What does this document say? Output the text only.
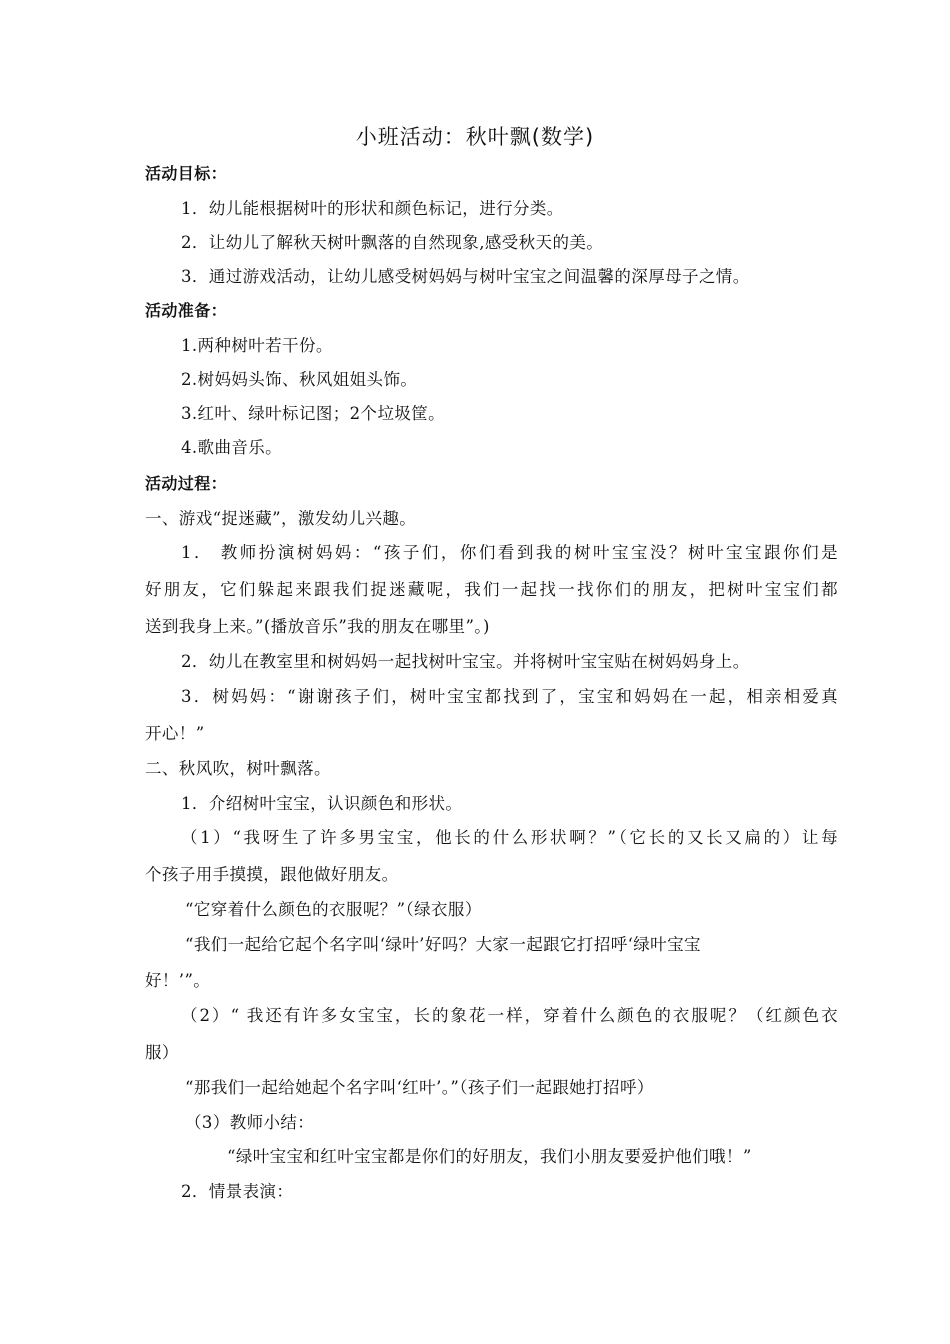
小班活动：秋叶飘(数学)
活动目标：
1．幼儿能根据树叶的形状和颜色标记，进行分类。
2．让幼儿了解秋天树叶飘落的自然现象,感受秋天的美。
3．通过游戏活动，让幼儿感受树妈妈与树叶宝宝之间温馨的深厚母子之情。
活动准备：
1.两种树叶若干份。
2.树妈妈头饰、秋风姐姐头饰。
3.红叶、绿叶标记图；2个垃圾筐。
4.歌曲音乐。
活动过程：
一、游戏“捉迷藏”，激发幼儿兴趣。
1． 教师扮演树妈妈：“孩子们，你们看到我的树叶宝宝没？树叶宝宝跟你们是
好朋友，它们躲起来跟我们捉迷藏呢，我们一起找一找你们的朋友，把树叶宝宝们都
送到我身上来。”(播放音乐”我的朋友在哪里”。)
2．幼儿在教室里和树妈妈一起找树叶宝宝。并将树叶宝宝贴在树妈妈身上。
3．树妈妈：“谢谢孩子们，树叶宝宝都找到了，宝宝和妈妈在一起，相亲相爱真
开心！”
二、秋风吹，树叶飘落。
1．介绍树叶宝宝，认识颜色和形状。
（1）“我呀生了许多男宝宝，他长的什么形状啊？”（它长的又长又扁的）让每
个孩子用手摸摸，跟他做好朋友。
“它穿着什么颜色的衣服呢？”（绿衣服）
“我们一起给它起个名字叫‘绿叶’好吗？大家一起跟它打招呼‘绿叶宝宝
好！’”。
（2）“ 我还有许多女宝宝，长的象花一样，穿着什么颜色的衣服呢？（红颜色衣
服）
“那我们一起给她起个名字叫‘红叶’。”（孩子们一起跟她打招呼）
（3）教师小结：
“绿叶宝宝和红叶宝宝都是你们的好朋友，我们小朋友要爱护他们哦！”
2．情景表演：
